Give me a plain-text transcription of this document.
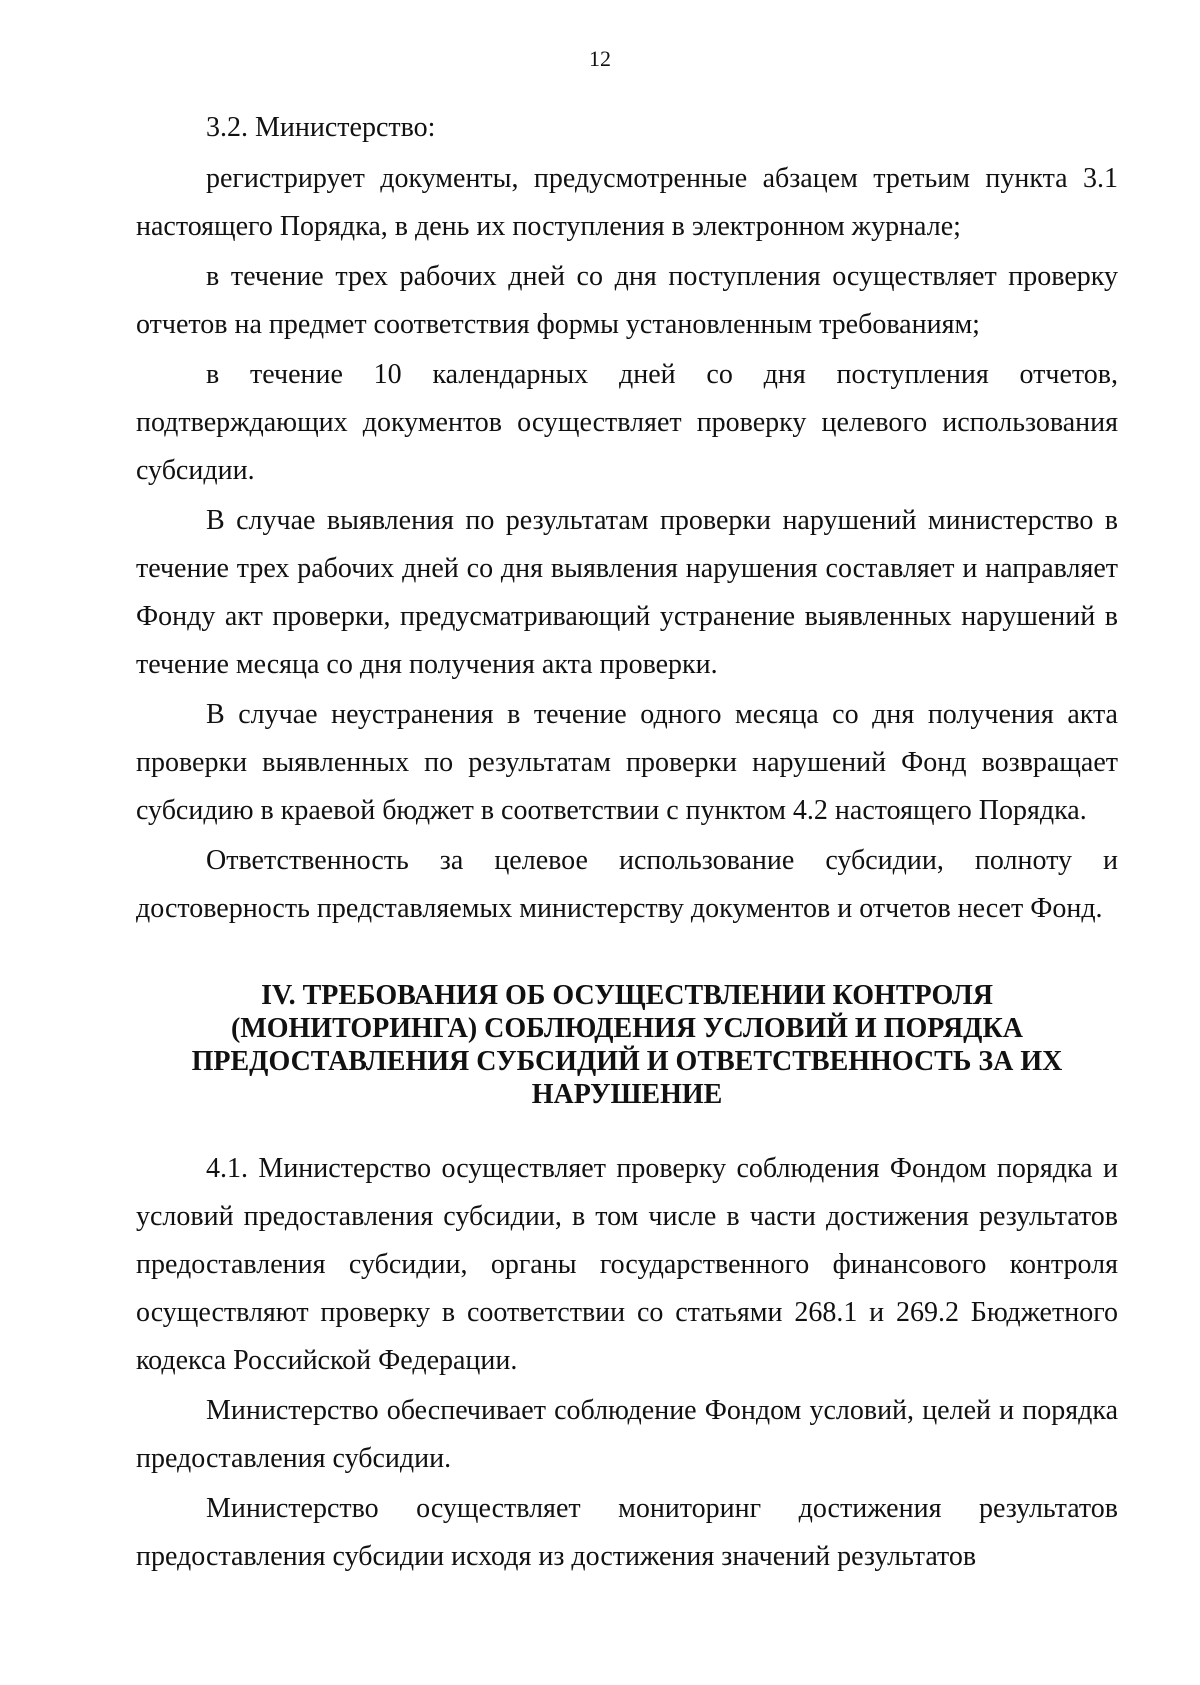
12

3.2. Министерство:

регистрирует документы, предусмотренные абзацем третьим пункта 3.1 настоящего Порядка, в день их поступления в электронном журнале;

в течение трех рабочих дней со дня поступления осуществляет проверку отчетов на предмет соответствия формы установленным требованиям;

в течение 10 календарных дней со дня поступления отчетов, подтверждающих документов осуществляет проверку целевого использования субсидии.

В случае выявления по результатам проверки нарушений министерство в течение трех рабочих дней со дня выявления нарушения составляет и направляет Фонду акт проверки, предусматривающий устранение выявленных нарушений в течение месяца со дня получения акта проверки.

В случае неустранения в течение одного месяца со дня получения акта проверки выявленных по результатам проверки нарушений Фонд возвращает субсидию в краевой бюджет в соответствии с пунктом 4.2 настоящего Порядка.

Ответственность за целевое использование субсидии, полноту и достоверность представляемых министерству документов и отчетов несет Фонд.

IV. ТРЕБОВАНИЯ ОБ ОСУЩЕСТВЛЕНИИ КОНТРОЛЯ (МОНИТОРИНГА) СОБЛЮДЕНИЯ УСЛОВИЙ И ПОРЯДКА ПРЕДОСТАВЛЕНИЯ СУБСИДИЙ И ОТВЕТСТВЕННОСТЬ ЗА ИХ НАРУШЕНИЕ

4.1. Министерство осуществляет проверку соблюдения Фондом порядка и условий предоставления субсидии, в том числе в части достижения результатов предоставления субсидии, органы государственного финансового контроля осуществляют проверку в соответствии со статьями 268.1 и 269.2 Бюджетного кодекса Российской Федерации.

Министерство обеспечивает соблюдение Фондом условий, целей и порядка предоставления субсидии.

Министерство осуществляет мониторинг достижения результатов предоставления субсидии исходя из достижения значений результатов
